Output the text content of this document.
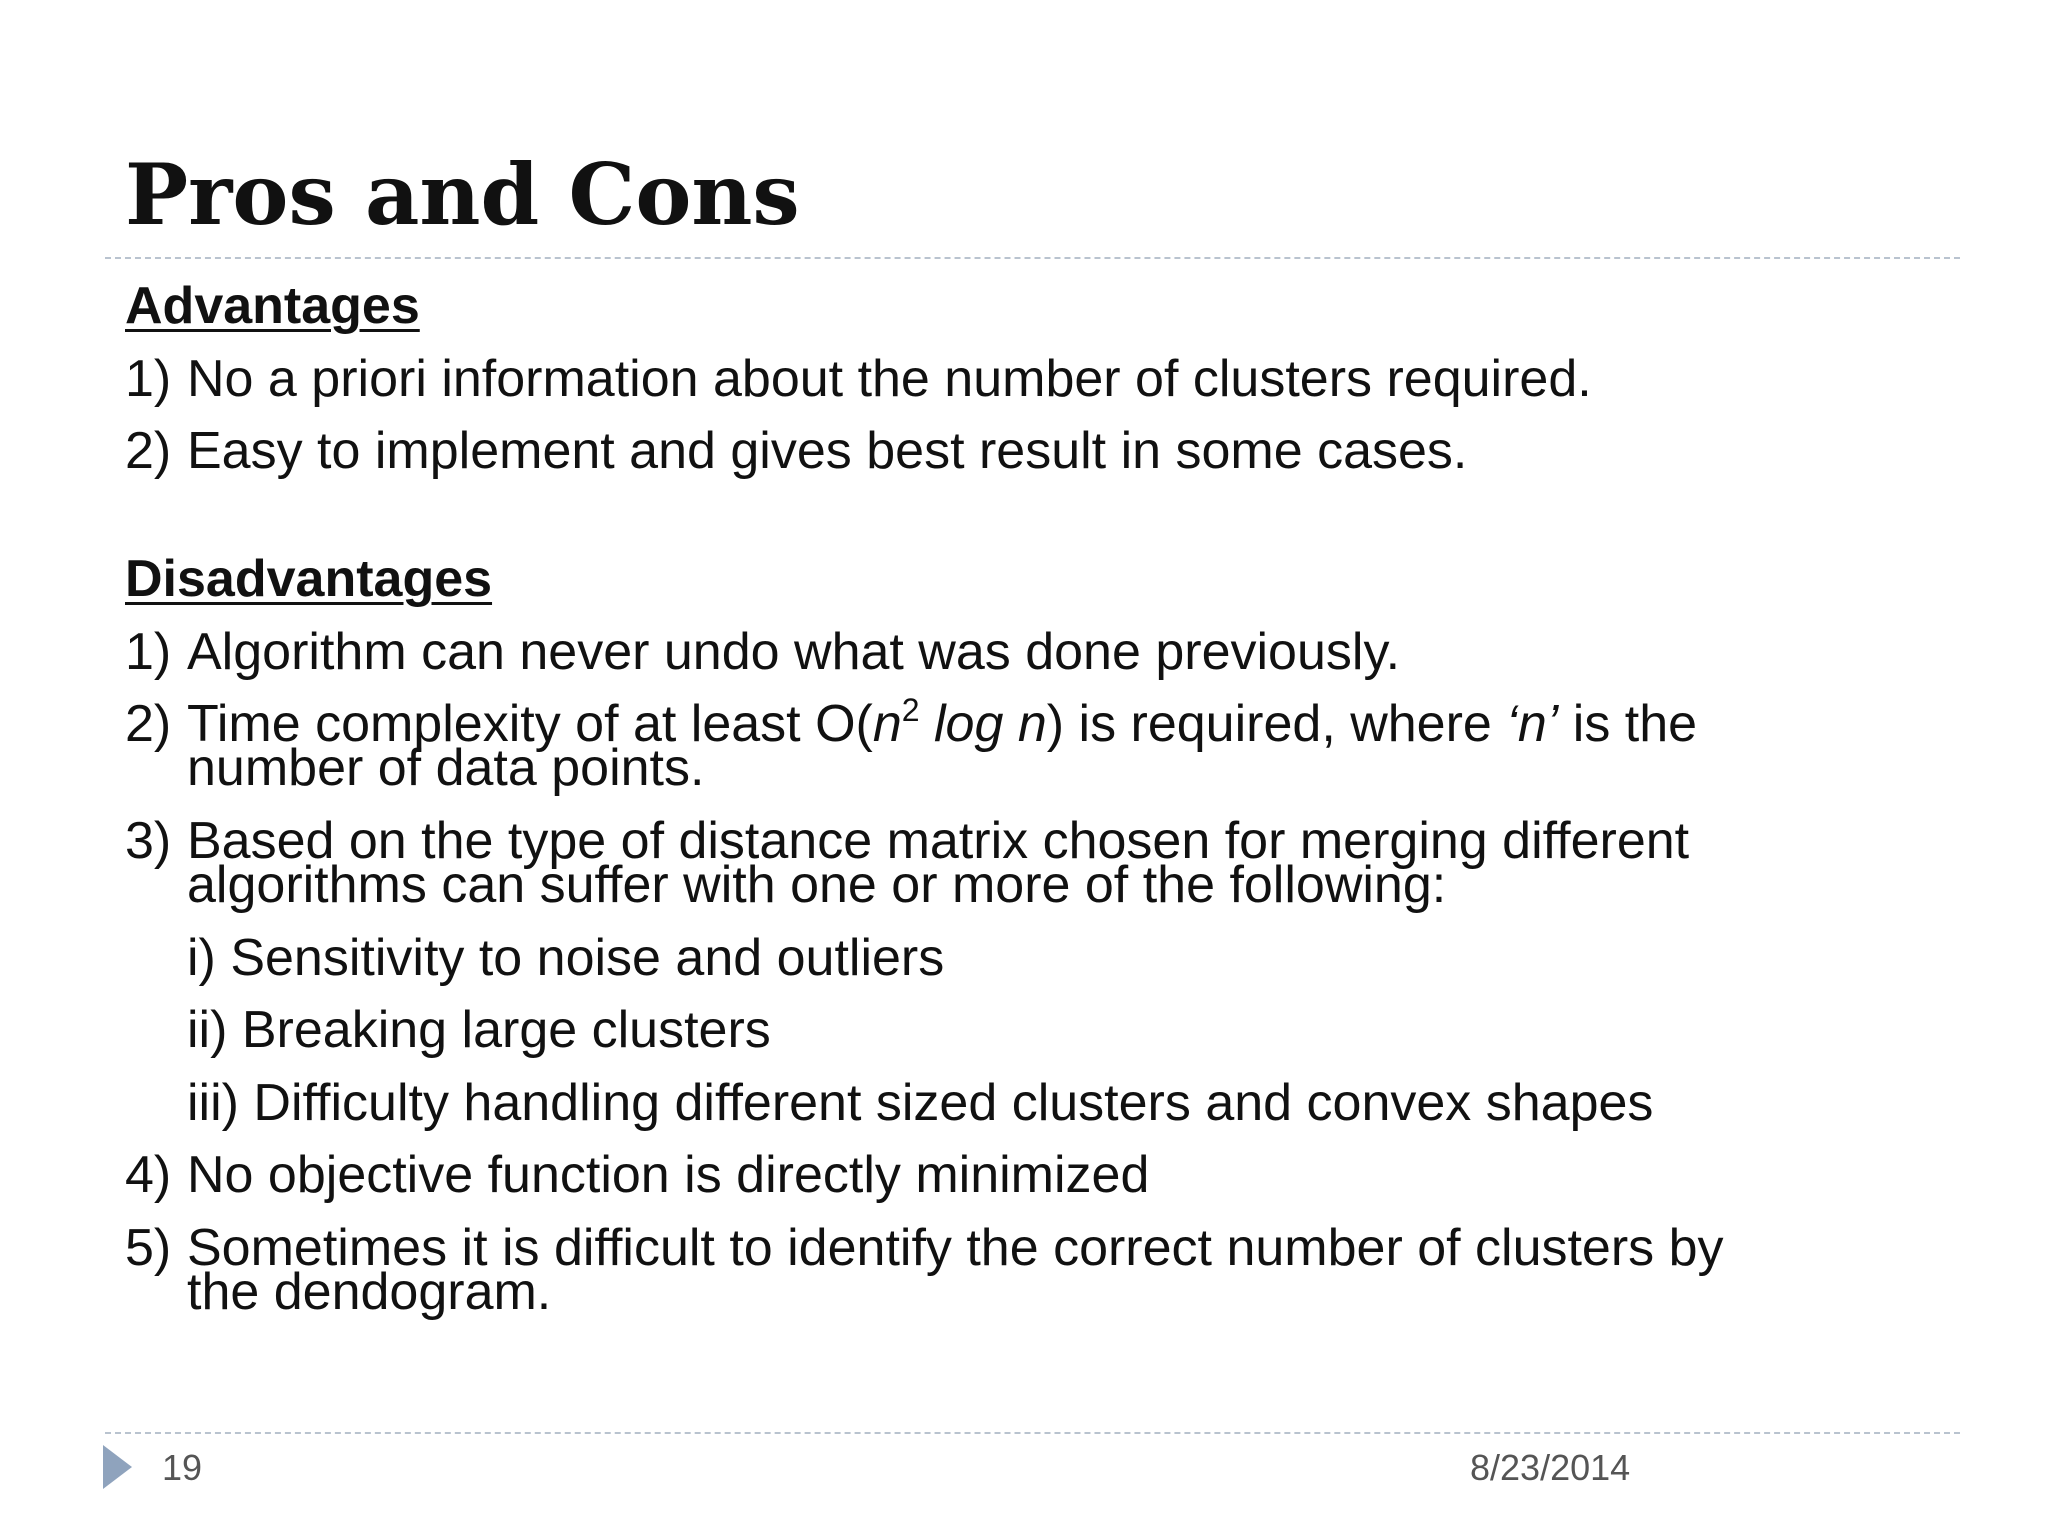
Pros and Cons
Advantages
1) No a priori information about the number of clusters required.
2) Easy to implement and gives best result in some cases.
Disadvantages
1) Algorithm can never undo what was done previously.
2) Time complexity of at least $O(n^2$ log n) is required, where ‘n’ is the
number of data points.
3) Based on the type of distance matrix chosen for merging different
algorithms can suffer with one or more of the following:
i) Sensitivity to noise and outliers
ii) Breaking large clusters
iii) Difficulty handling different sized clusters and convex shapes
4) No objective function is directly minimized
5) Sometimes it is difficult to identify the correct number of clusters by
the dendogram.
19	8/23/2014
